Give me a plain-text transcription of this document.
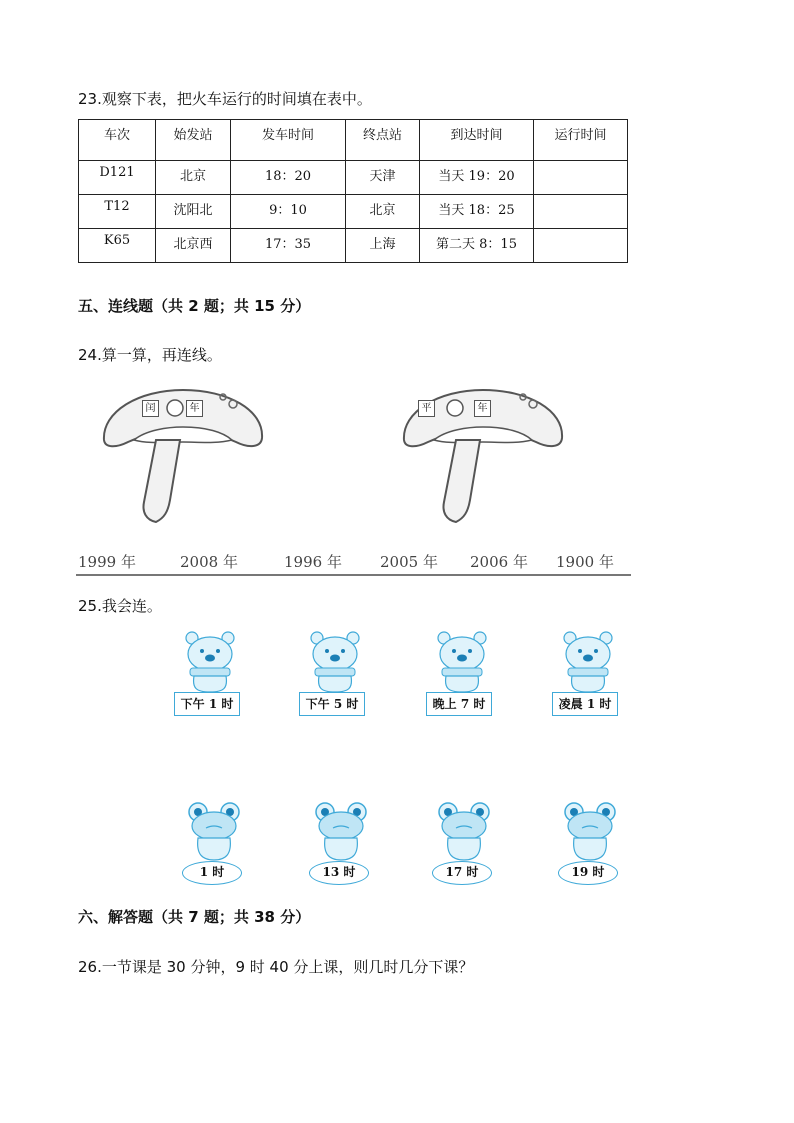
23.观察下表，把火车运行的时间填在表中。
车次	始发站	发车时间	终点站	到达时间	运行时间
D121	北京	18：20	天津	当天 19：20	
T12	沈阳北	9：10	北京	当天 18：25	
K65	北京西	17：35	上海	第二天 8：15	
五、连线题（共 2 题；共 15 分）
24.算一算，再连线。
闰	年	平	年
1999 年	2008 年	1996 年	2005 年 2006 年 1900 年
25.我会连。
下午 1 时	下午 5 时	晚上 7 时	凌晨 1 时
1 时	13 时	17 时	19 时
六、解答题（共 7 题；共 38 分）
26.一节课是 30 分钟，9 时 40 分上课，则几时几分下课？
